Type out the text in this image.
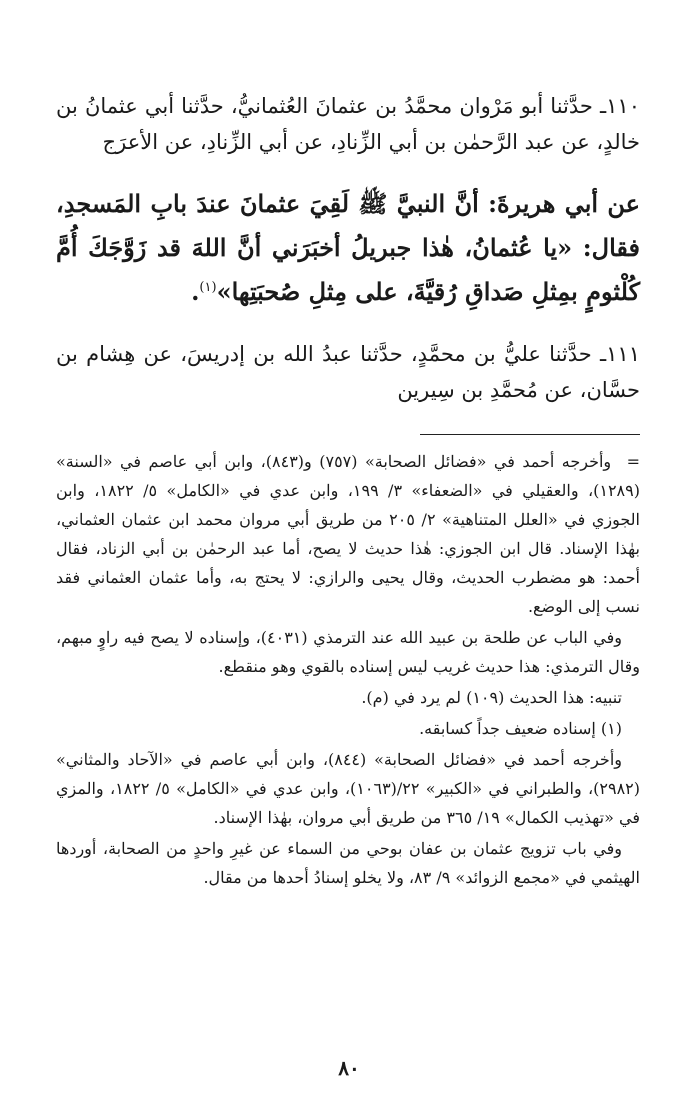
١١٠ـ حدَّثنا أبو مَرْوان محمَّدُ بن عثمانَ العُثمانيُّ، حدَّثنا أبي عثمانُ بن خالدٍ، عن عبد الرَّحمٰن بن أبي الزِّنادِ، عن أبي الزِّنادِ، عن الأعرَج

عن أبي هريرةَ: أنَّ النبيَّ ﷺ لَقِيَ عثمانَ عندَ بابِ المَسجدِ، فقال: «يا عُثمانُ، هٰذا جبريلُ أخبَرَني أنَّ اللهَ قد زَوَّجَكَ أُمَّ كُلْثومٍ بمِثلِ صَداقِ رُقيَّةَ، على مِثلِ صُحبَتِها»$^{(١)}$.

١١١ـ حدَّثنا عليُّ بن محمَّدٍ، حدَّثنا عبدُ الله بن إدريسَ، عن هِشام بن حسَّان، عن مُحمَّدِ بن سِيرين

= وأخرجه أحمد في «فضائل الصحابة» (٧٥٧) و(٨٤٣)، وابن أبي عاصم في «السنة» (١٢٨٩)، والعقيلي في «الضعفاء» ٣/ ١٩٩، وابن عدي في «الكامل» ٥/ ١٨٢٢، وابن الجوزي في «العلل المتناهية» ٢/ ٢٠٥ من طريق أبي مروان محمد ابن عثمان العثماني، بهٰذا الإسناد. قال ابن الجوزي: هٰذا حديث لا يصح، أما عبد الرحمٰن بن أبي الزناد، فقال أحمد: هو مضطرب الحديث، وقال يحيى والرازي: لا يحتج به، وأما عثمان العثماني فقد نسب إلى الوضع.

وفي الباب عن طلحة بن عبيد الله عند الترمذي (٤٠٣١)، وإسناده لا يصح فيه راوٍ مبهم، وقال الترمذي: هذا حديث غريب ليس إسناده بالقوي وهو منقطع.

تنبيه: هذا الحديث (١٠٩) لم يرد في (م).

(١) إسناده ضعيف جداً كسابقه.

وأخرجه أحمد في «فضائل الصحابة» (٨٤٤)، وابن أبي عاصم في «الآحاد والمثاني» (٢٩٨٢)، والطبراني في «الكبير» ٢٢/(١٠٦٣)، وابن عدي في «الكامل» ٥/ ١٨٢٢، والمزي في «تهذيب الكمال» ١٩/ ٣٦٥ من طريق أبي مروان، بهٰذا الإسناد.

وفي باب تزويج عثمان بن عفان بوحي من السماء عن غيرِ واحدٍ من الصحابة، أوردها الهيثمي في «مجمع الزوائد» ٩/ ٨٣، ولا يخلو إسنادُ أحدها من مقال.

٨٠
